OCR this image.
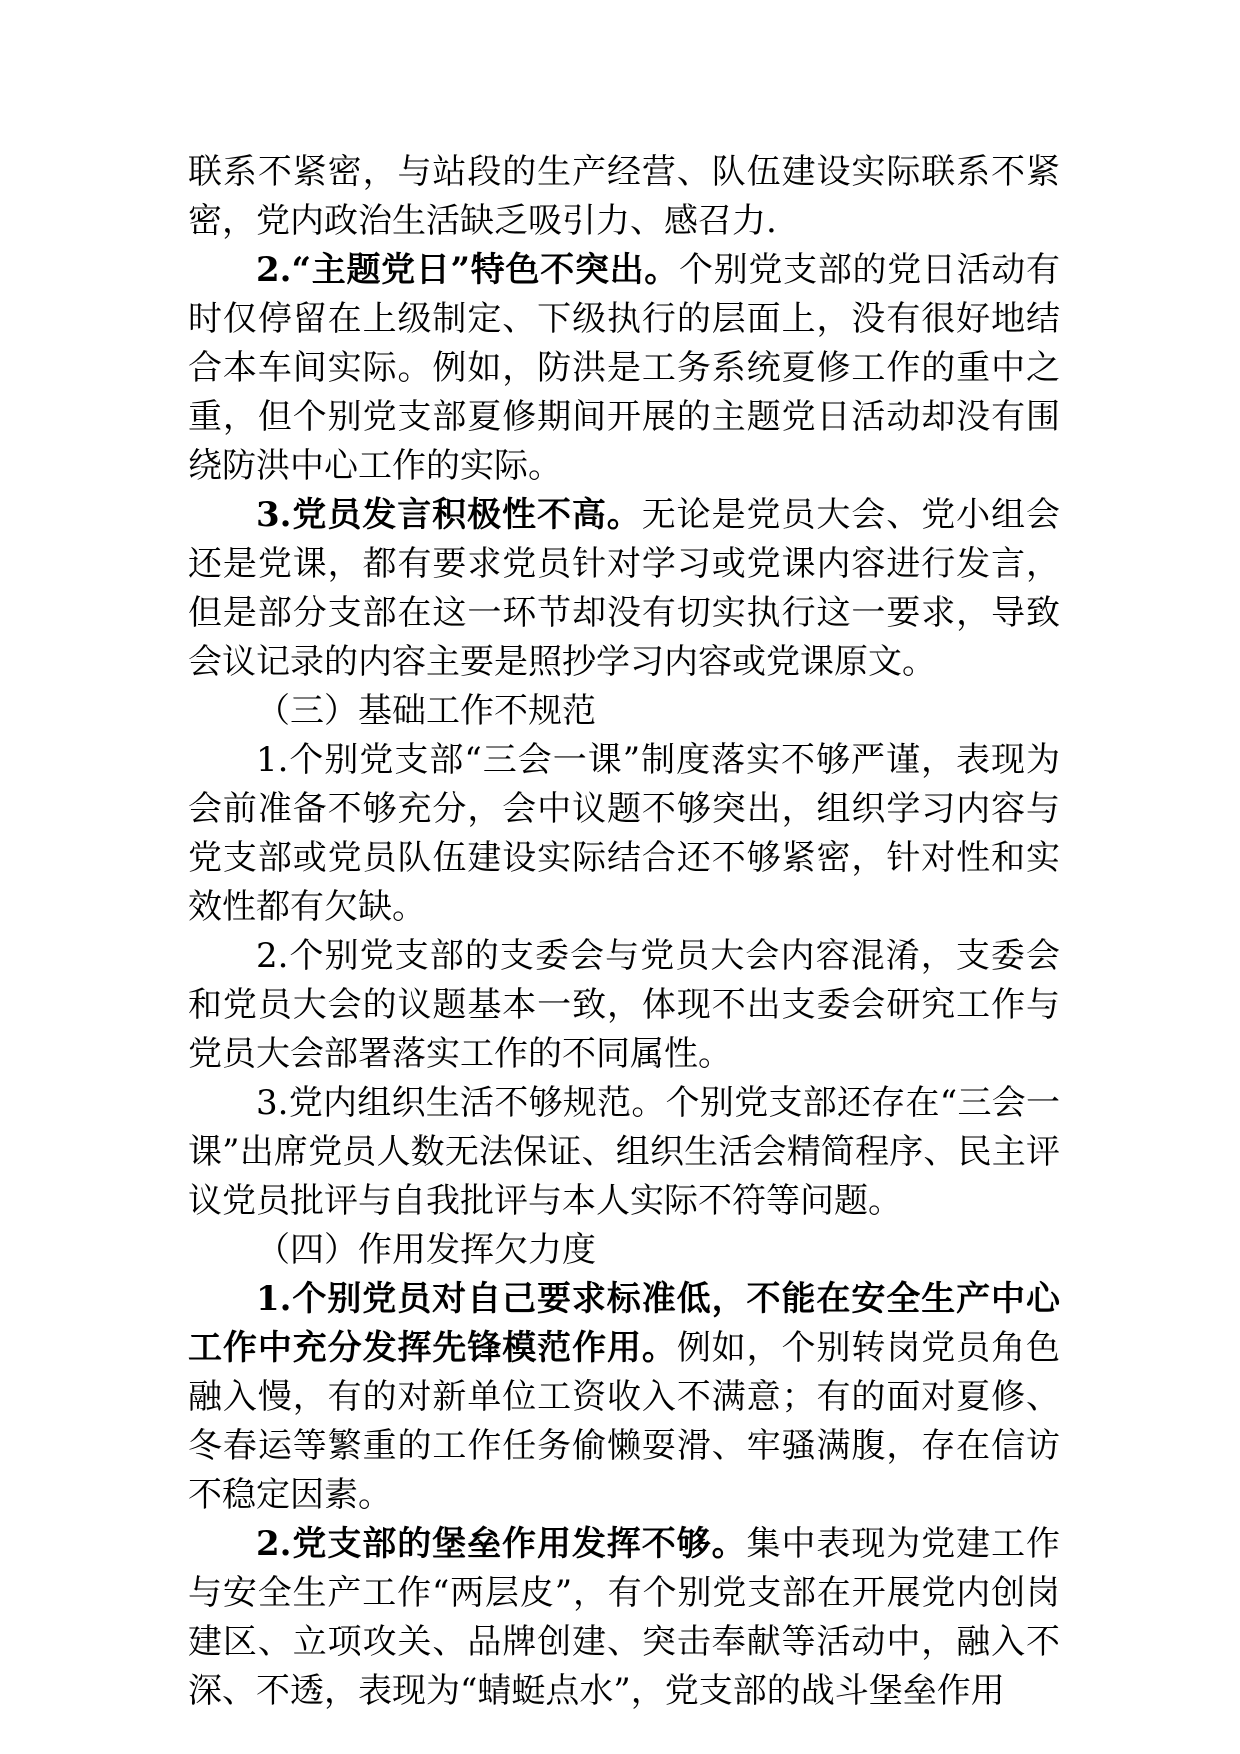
联系不紧密，与站段的生产经营、队伍建设实际联系不紧密，党内政治生活缺乏吸引力、感召力.

2.“主题党日”特色不突出。个别党支部的党日活动有时仅停留在上级制定、下级执行的层面上，没有很好地结合本车间实际。例如，防洪是工务系统夏修工作的重中之重，但个别党支部夏修期间开展的主题党日活动却没有围绕防洪中心工作的实际。

3.党员发言积极性不高。无论是党员大会、党小组会还是党课，都有要求党员针对学习或党课内容进行发言，但是部分支部在这一环节却没有切实执行这一要求，导致会议记录的内容主要是照抄学习内容或党课原文。

（三）基础工作不规范

1.个别党支部“三会一课”制度落实不够严谨，表现为会前准备不够充分，会中议题不够突出，组织学习内容与党支部或党员队伍建设实际结合还不够紧密，针对性和实效性都有欠缺。

2.个别党支部的支委会与党员大会内容混淆，支委会和党员大会的议题基本一致，体现不出支委会研究工作与党员大会部署落实工作的不同属性。

3.党内组织生活不够规范。个别党支部还存在“三会一课”出席党员人数无法保证、组织生活会精简程序、民主评议党员批评与自我批评与本人实际不符等问题。

（四）作用发挥欠力度

1.个别党员对自己要求标准低，不能在安全生产中心工作中充分发挥先锋模范作用。例如，个别转岗党员角色融入慢，有的对新单位工资收入不满意；有的面对夏修、冬春运等繁重的工作任务偷懒耍滑、牢骚满腹，存在信访不稳定因素。

2.党支部的堡垒作用发挥不够。集中表现为党建工作与安全生产工作“两层皮”，有个别党支部在开展党内创岗建区、立项攻关、品牌创建、突击奉献等活动中，融入不深、不透，表现为“蜻蜓点水”，党支部的战斗堡垒作用
